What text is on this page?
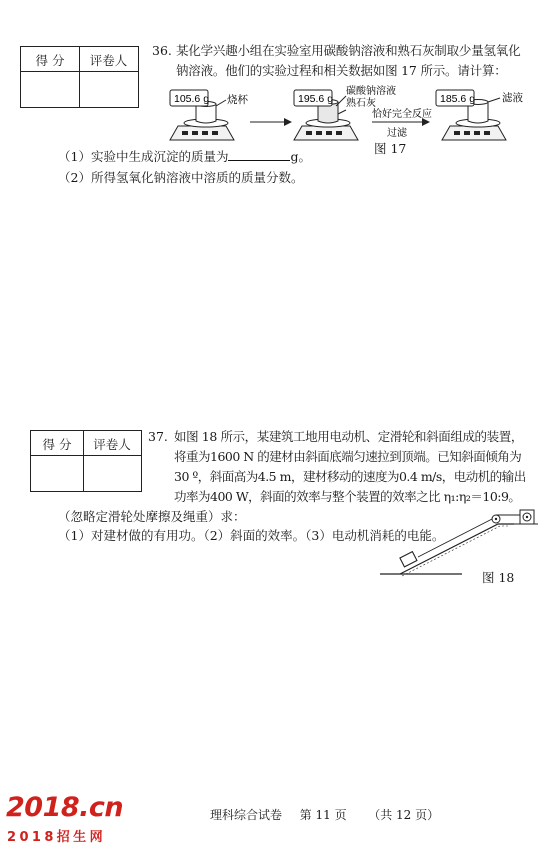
得 分	评卷人
36. 某化学兴趣小组在实验室用碳酸钠溶液和熟石灰制取少量氢氧化
钠溶液。他们的实验过程和相关数据如图 17 所示。请计算：
105.6 g 烧杯	195.6 g
碳酸钠溶液
熟石灰
恰好完全反应
过滤
185.6 g	滤液
图 17
（1）实验中生成沉淀的质量为	g。
（2）所得氢氧化钠溶液中溶质的质量分数。
得 分	评卷人
37. 如图 18 所示，某建筑工地用电动机、定滑轮和斜面组成的装置，
将重为1600 N 的建材由斜面底端匀速拉到顶端。已知斜面倾角为
30 º，斜面高为4.5 m，建材移动的速度为0.4 m/s，电动机的输出
功率为400 W，斜面的效率与整个装置的效率之比 η₁:η₂＝10:9。
（忽略定滑轮处摩擦及绳重）求：
（1）对建材做的有用功。（2）斜面的效率。（3）电动机消耗的电能。
图 18
理科综合试卷 第 11 页 （共 12 页）
2018.cn
2018招生网
